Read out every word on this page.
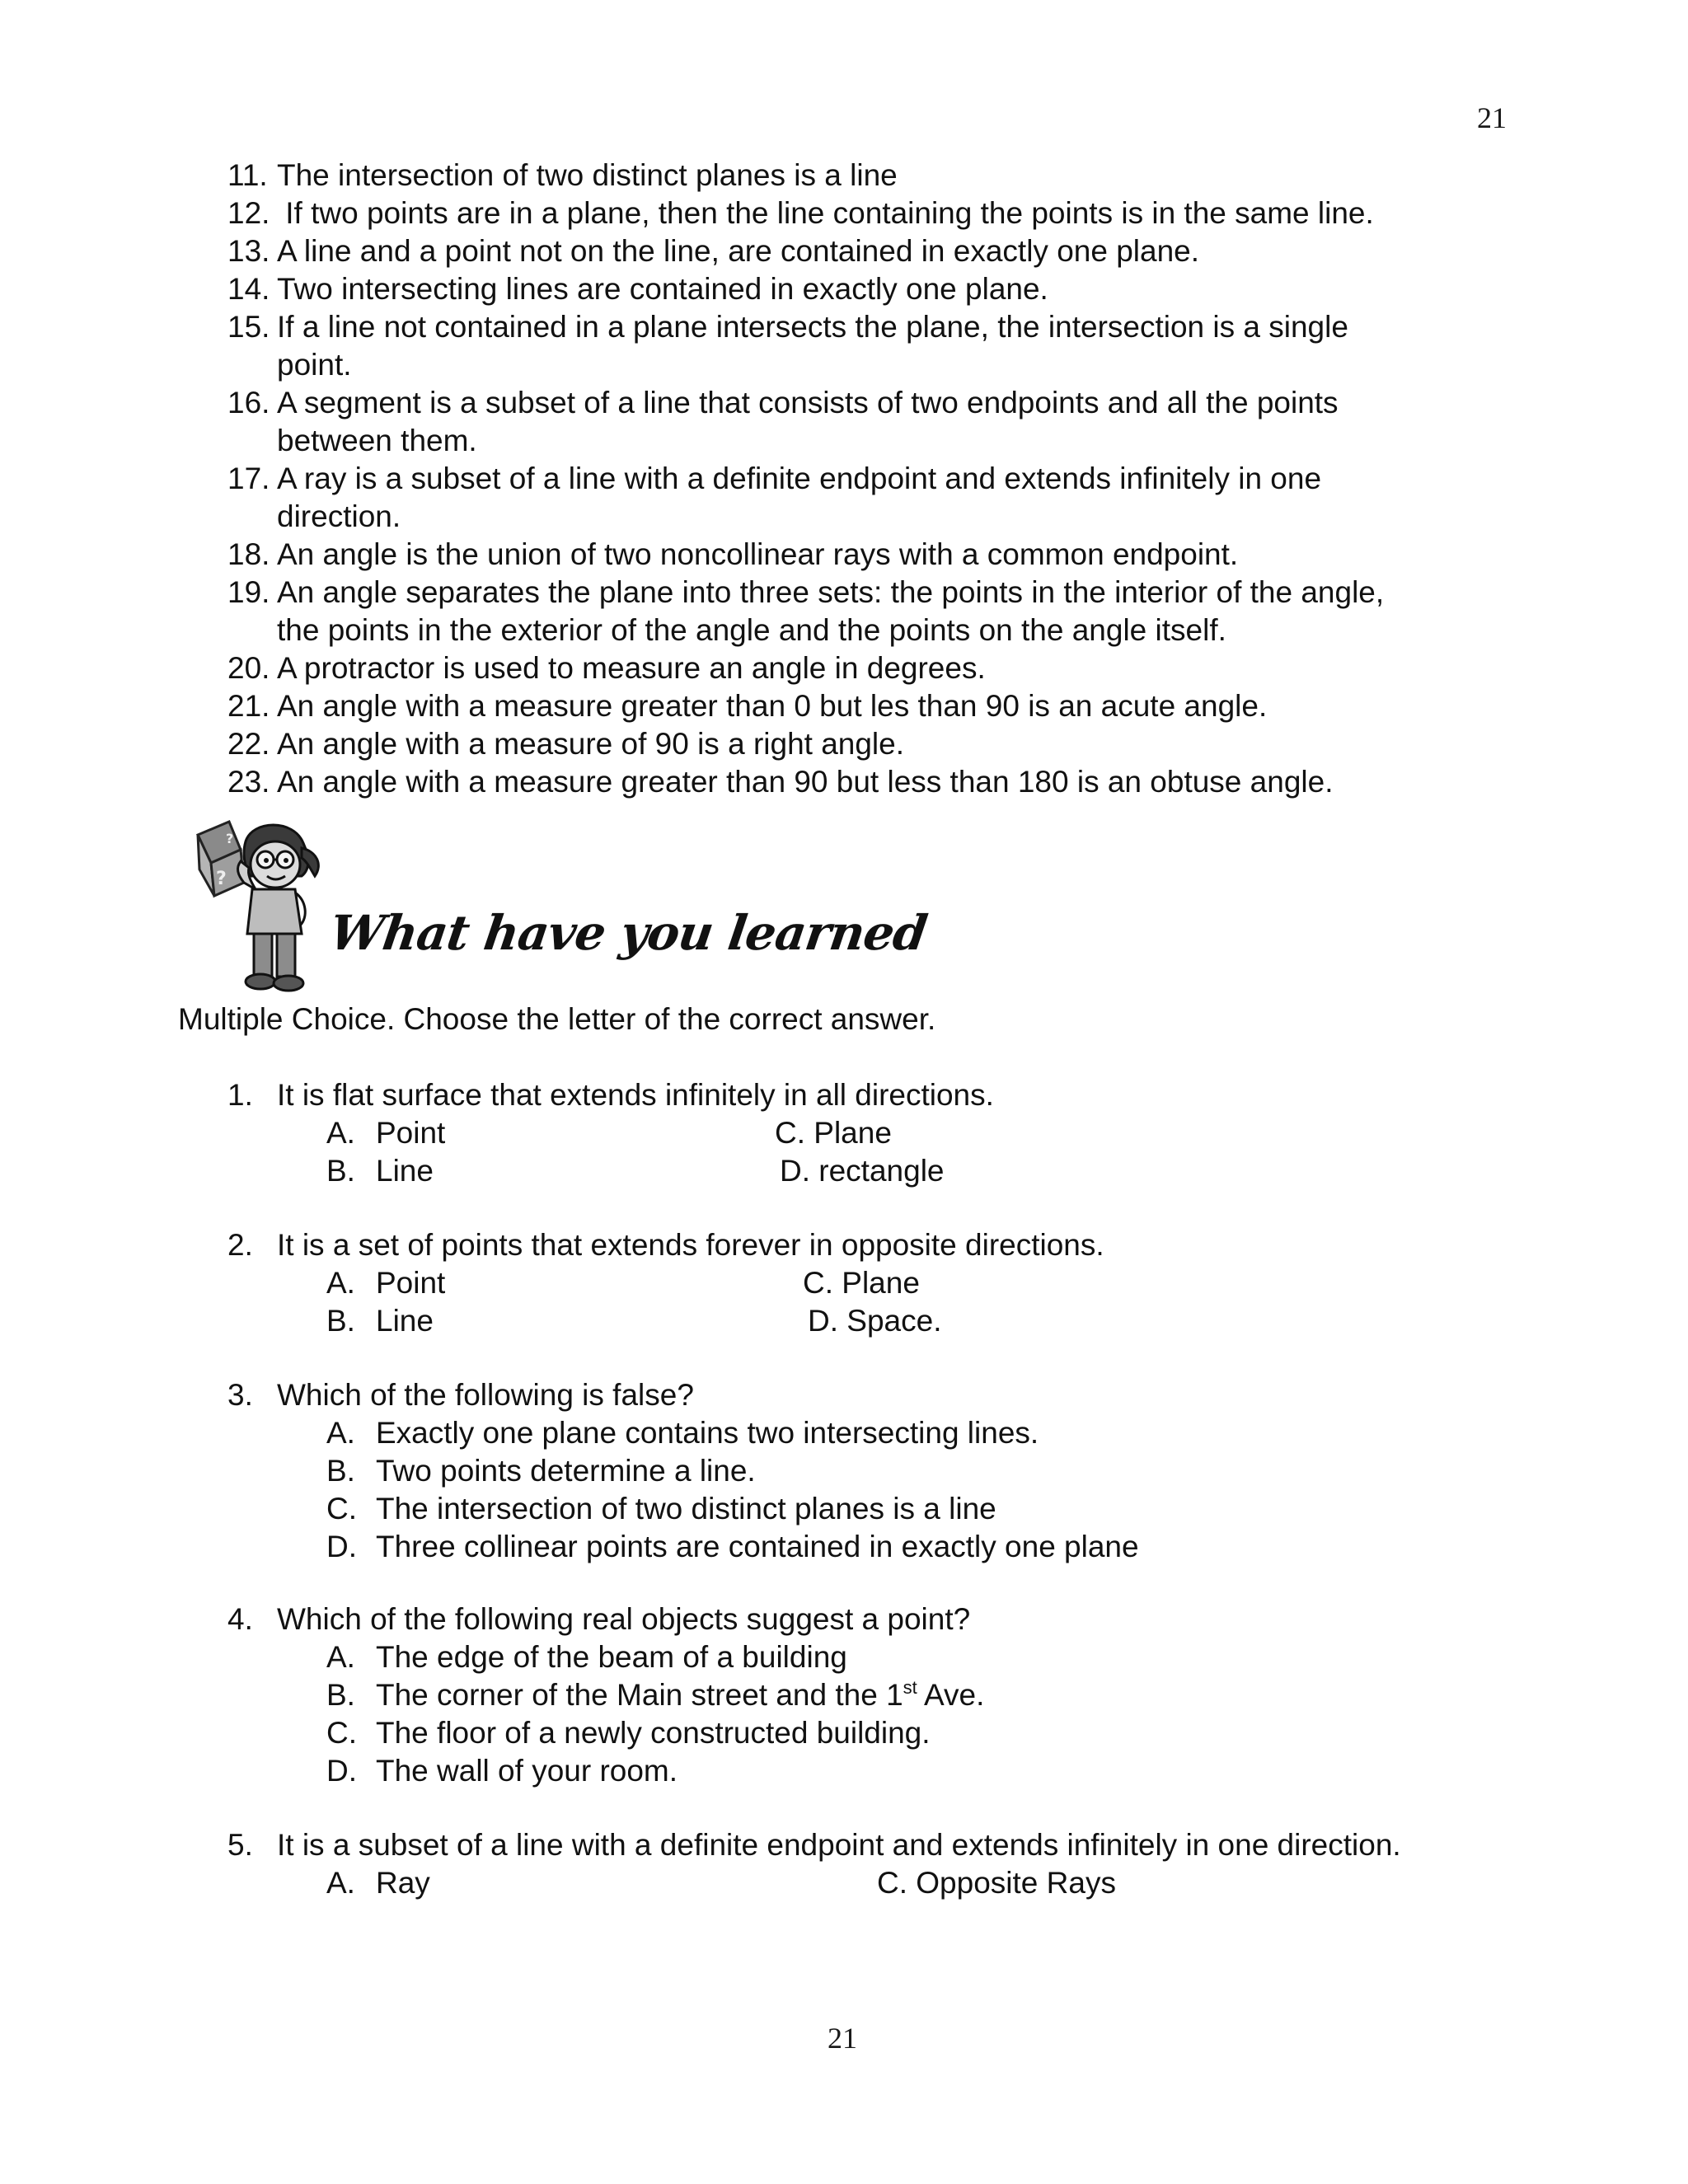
21
11. The intersection of two distinct planes is a line
12. If two points are in a plane, then the line containing the points is in the same line.
13. A line and a point not on the line, are contained in exactly one plane.
14. Two intersecting lines are contained in exactly one plane.
15. If a line not contained in a plane intersects the plane, the intersection is a single
point.
16. A segment is a subset of a line that consists of two endpoints and all the points
between them.
17. A ray is a subset of a line with a definite endpoint and extends infinitely in one
direction.
18. An angle is the union of two noncollinear rays with a common endpoint.
19. An angle separates the plane into three sets: the points in the interior of the angle,
the points in the exterior of the angle and the points on the angle itself.
20. A protractor is used to measure an angle in degrees.
21. An angle with a measure greater than 0 but les than 90 is an acute angle.
22. An angle with a measure of 90 is a right angle.
23. An angle with a measure greater than 90 but less than 180 is an obtuse angle.
?
?
What have you learned
Multiple Choice. Choose the letter of the correct answer.
1. It is flat surface that extends infinitely in all directions.
A. Point	C. Plane
B. Line	D. rectangle
2. It is a set of points that extends forever in opposite directions.
A. Point	C. Plane
B. Line	D. Space.
3. Which of the following is false?
A. Exactly one plane contains two intersecting lines.
B. Two points determine a line.
C. The intersection of two distinct planes is a line
D. Three collinear points are contained in exactly one plane
4. Which of the following real objects suggest a point?
A. The edge of the beam of a building
B. The corner of the Main street and the 1st Ave.
C. The floor of a newly constructed building.
D. The wall of your room.
5. It is a subset of a line with a definite endpoint and extends infinitely in one direction.
A. Ray	C. Opposite Rays
21
